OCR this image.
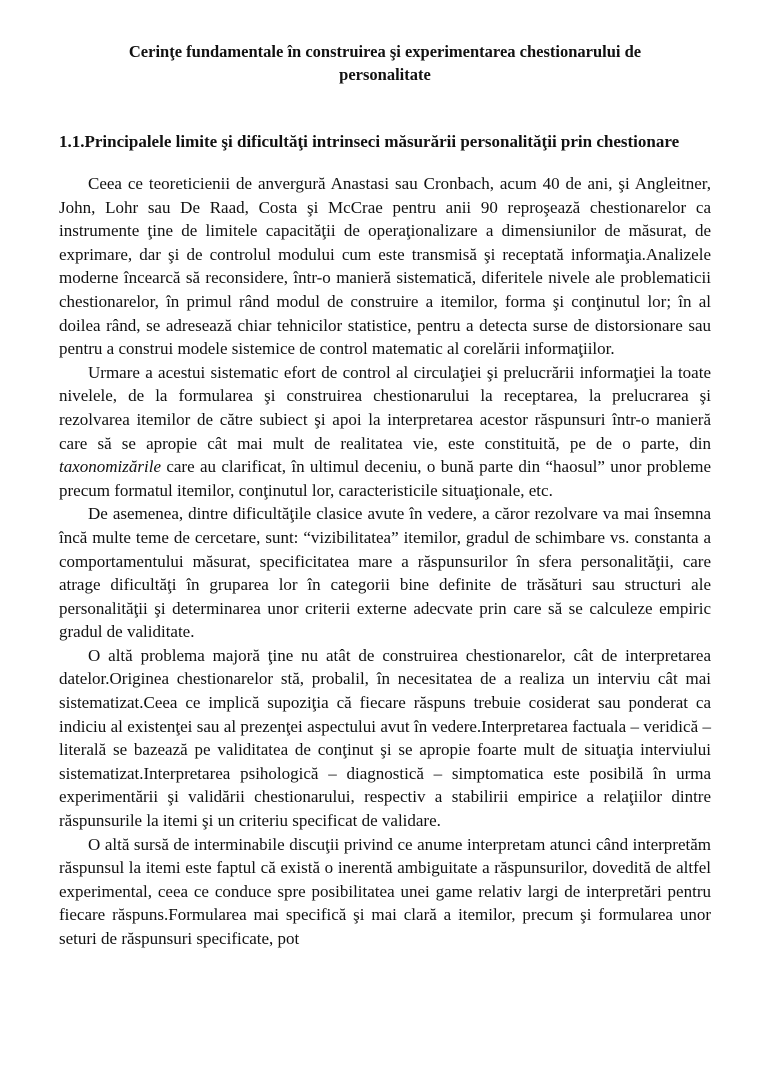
Cerinţe fundamentale în construirea şi experimentarea chestionarului de personalitate
1.1. Principalele limite şi dificultăţi intrinseci măsurării personalităţii prin chestionare

Ceea ce teoreticienii de anvergură Anastasi sau Cronbach, acum 40 de ani, şi Angleitner, John, Lohr sau De Raad, Costa şi McCrae pentru anii 90 reproşează chestionarelor ca instrumente ţine de limitele capacităţii de operaţionalizare a dimensiunilor de măsurat, de exprimare, dar şi de controlul modului cum este transmisă şi receptată informaţia.Analizele moderne încearcă să reconsidere, într-o manieră sistematică, diferitele nivele ale problematicii chestionarelor, în primul rând modul de construire a itemilor, forma şi conţinutul lor; în al doilea rând, se adresează chiar tehnicilor statistice, pentru a detecta surse de distorsionare sau pentru a construi modele sistemice de control matematic al corelării informaţiilor.

Urmare a acestui sistematic efort de control al circulaţiei şi prelucrării informaţiei la toate nivelele, de la formularea şi construirea chestionarului la receptarea, la prelucrarea şi rezolvarea itemilor de către subiect şi apoi la interpretarea acestor răspunsuri într-o manieră care să se apropie cât mai mult de realitatea vie, este constituită, pe de o parte, din taxonomizările care au clarificat, în ultimul deceniu, o bună parte din “haosul” unor probleme precum formatul itemilor, conţinutul lor, caracteristicile situaţionale, etc.

De asemenea, dintre dificultăţile clasice avute în vedere, a căror rezolvare va mai însemna încă multe teme de cercetare, sunt: “vizibilitatea” itemilor, gradul de schimbare vs. constanta a comportamentului măsurat, specificitatea mare a răspunsurilor în sfera personalităţii, care atrage dificultăţi în gruparea lor în categorii bine definite de trăsături sau structuri ale personalităţii şi determinarea unor criterii externe adecvate prin care să se calculeze empiric gradul de validitate.

O altă problema majoră ţine nu atât de construirea chestionarelor, cât de interpretarea datelor.Originea chestionarelor stă, probalil, în necesitatea de a realiza un interviu cât mai sistematizat.Ceea ce implică supoziţia că fiecare răspuns trebuie cosiderat sau ponderat ca indiciu al existenţei sau al prezenţei aspectului avut în vedere.Interpretarea factuala – veridică – literală se bazează pe validitatea de conţinut şi se apropie foarte mult de situaţia interviului sistematizat.Interpretarea psihologică – diagnostică – simptomatica este posibilă în urma experimentării şi validării chestionarului, respectiv a stabilirii empirice a relaţiilor dintre răspunsurile la itemi şi un criteriu specificat de validare.

O altă sursă de interminabile discuţii privind ce anume interpretam atunci când interpretăm răspunsul la itemi este faptul că există o inerentă ambiguitate a răspunsurilor, dovedită de altfel experimental, ceea ce conduce spre posibilitatea unei game relativ largi de interpretări pentru fiecare răspuns.Formularea mai specifică şi mai clară a itemilor, precum şi formularea unor seturi de răspunsuri specificate, pot
